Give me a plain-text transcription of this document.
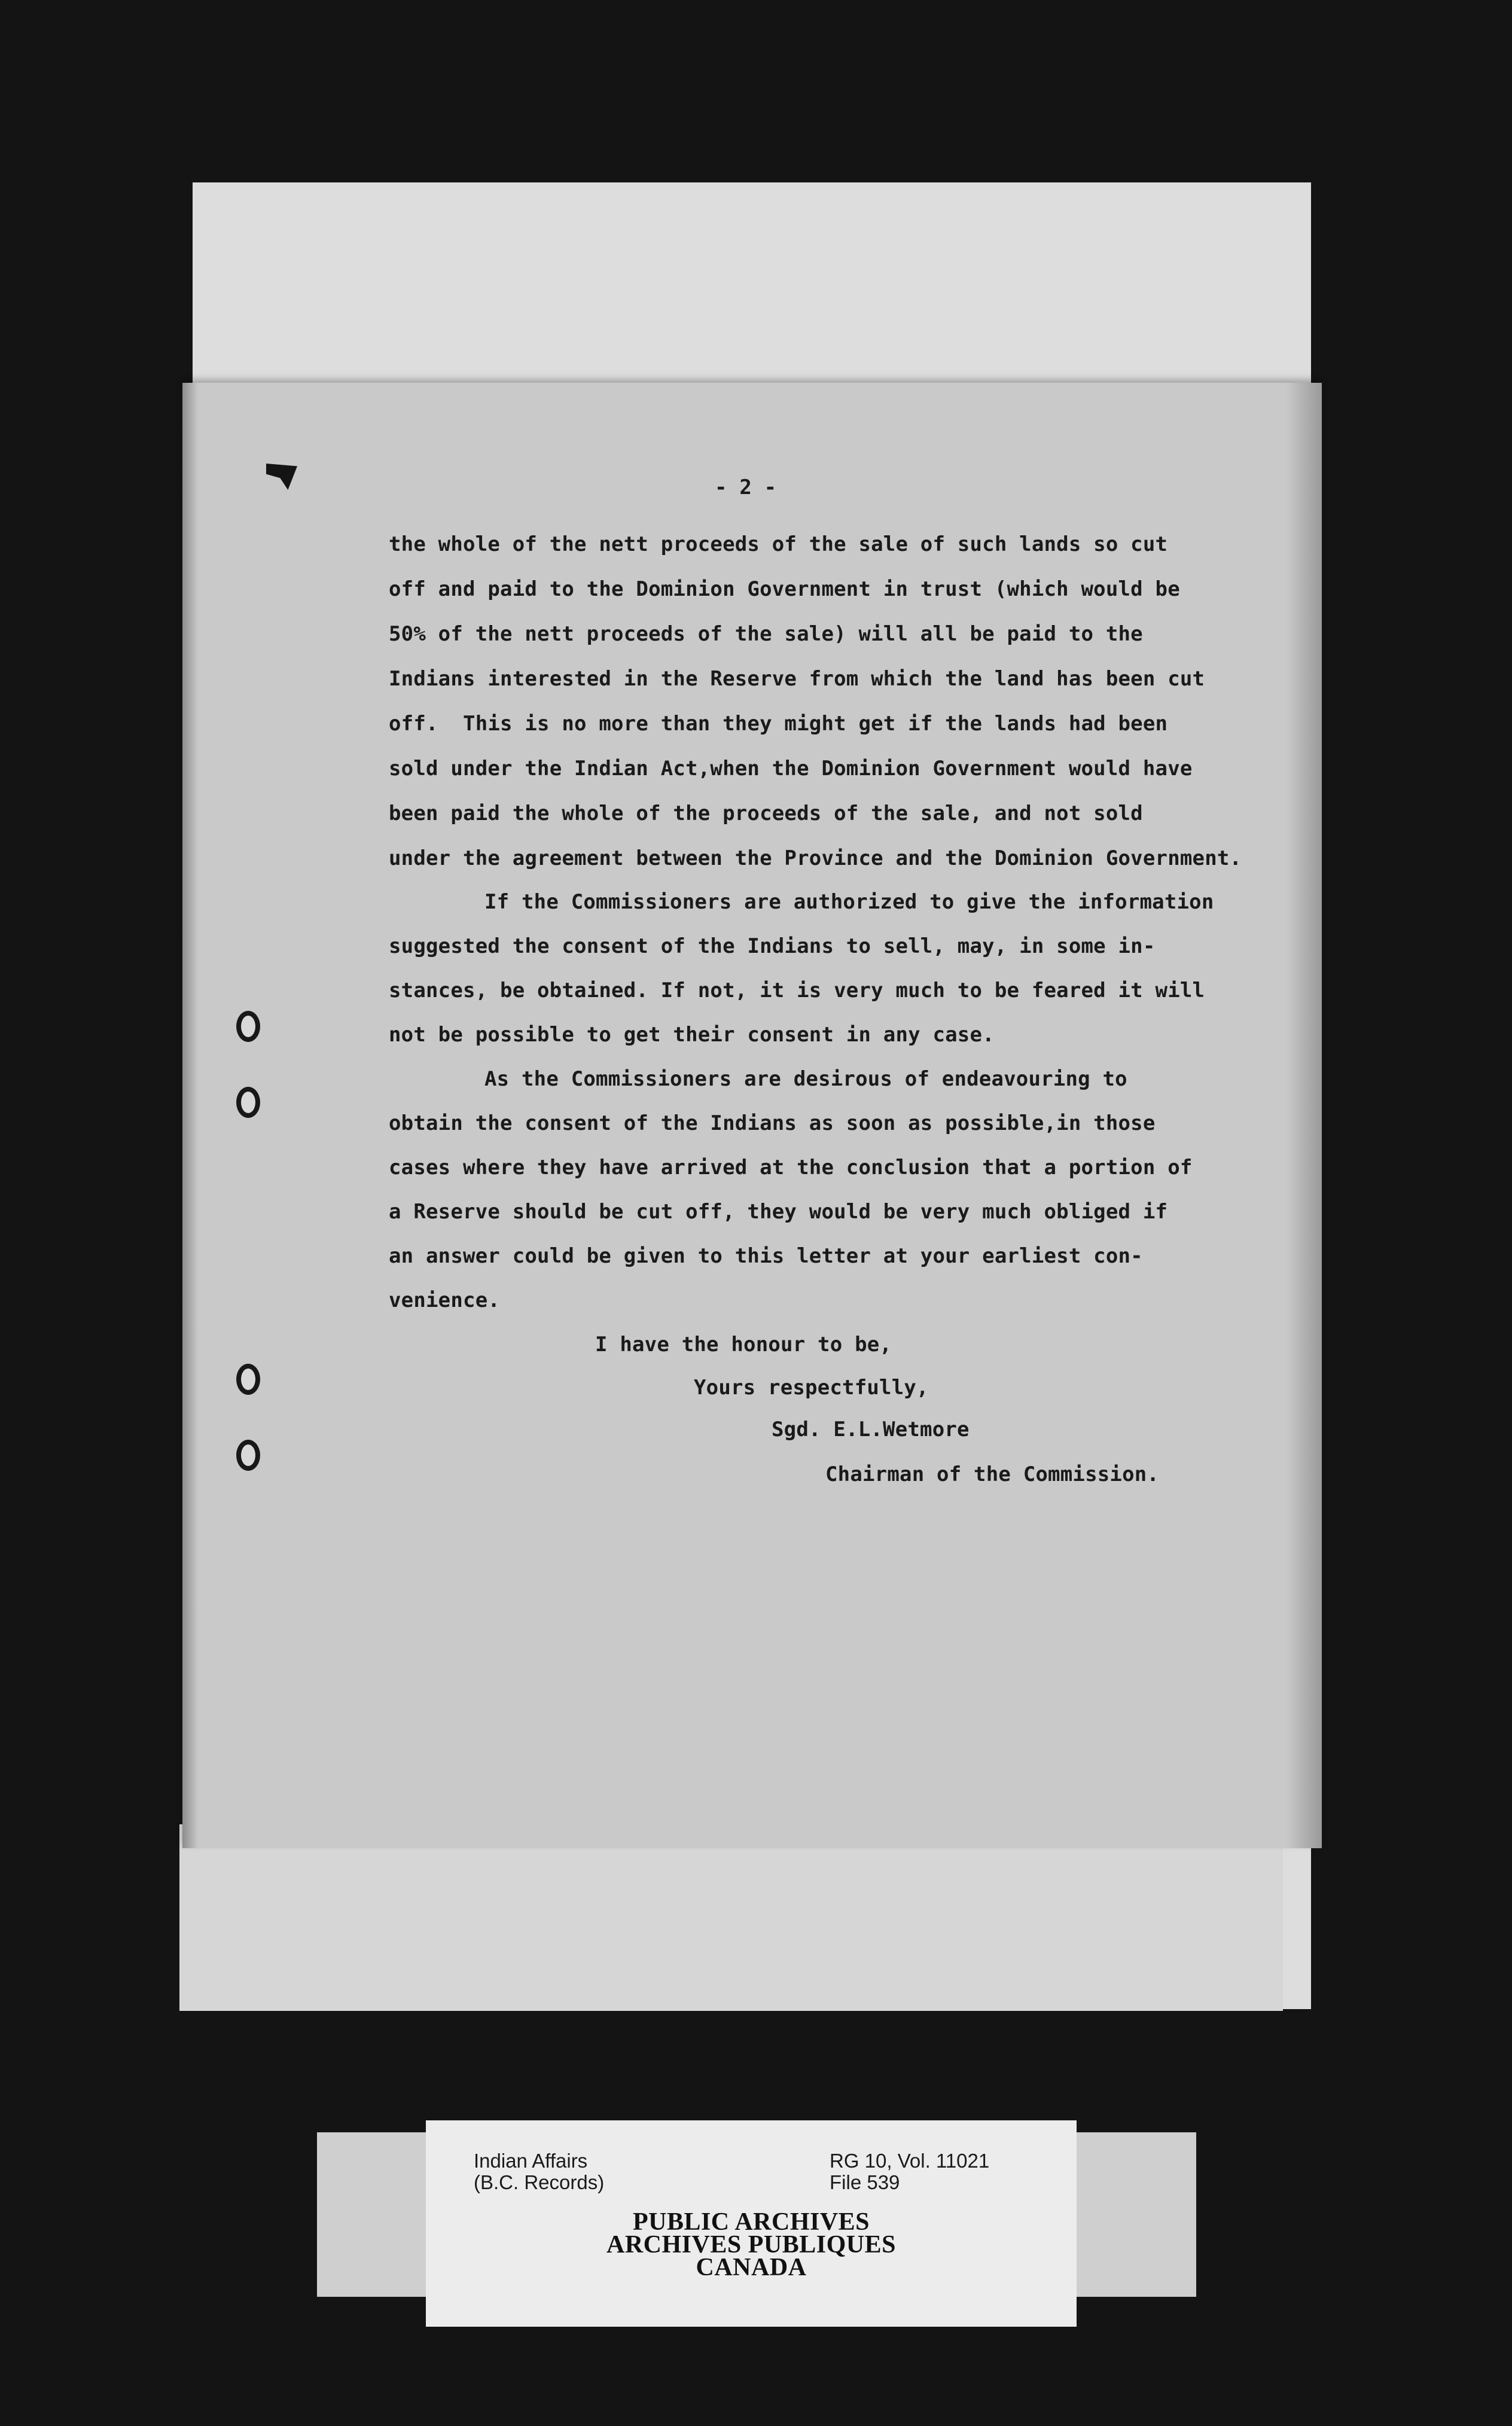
- 2 -
the whole of the nett proceeds of the sale of such lands so cut
off and paid to the Dominion Government in trust (which would be
50% of the nett proceeds of the sale) will all be paid to the
Indians interested in the Reserve from which the land has been cut
off.  This is no more than they might get if the lands had been
sold under the Indian Act,when the Dominion Government would have
been paid the whole of the proceeds of the sale, and not sold
under the agreement between the Province and the Dominion Government.
If the Commissioners are authorized to give the information
suggested the consent of the Indians to sell, may, in some in-
stances, be obtained. If not, it is very much to be feared it will
not be possible to get their consent in any case.
As the Commissioners are desirous of endeavouring to
obtain the consent of the Indians as soon as possible,in those
cases where they have arrived at the conclusion that a portion of
a Reserve should be cut off, they would be very much obliged if
an answer could be given to this letter at your earliest con-
venience.
I have the honour to be,
Yours respectfully,
Sgd. E.L.Wetmore
Chairman of the Commission.
Indian Affairs
(B.C. Records)
RG 10, Vol. 11021
File 539
PUBLIC ARCHIVES
ARCHIVES PUBLIQUES
CANADA
